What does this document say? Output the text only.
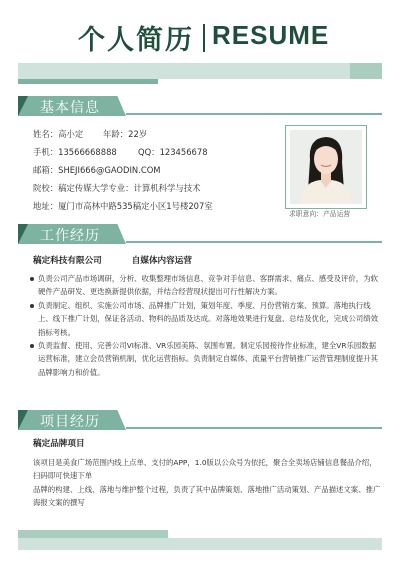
个人简历 RESUME
基本信息
姓名：高小定 年龄：22岁
手机：13566668888	QQ：123456678
邮箱：SHEJI666@GAODIN.COM
院校：稿定传媒大学专业：计算机科学与技术
地址：厦门市高林中路535稿定小区1号楼207室
求职意向：产品运营
工作经历
稿定科技有限公司	自媒体内容运营

负责公司产品市场调研，分析、收集整理市场信息、竞争对手信息、客群需求、痛点、感受及评价，为软硬件产品研发、更迭换新提供依据，并结合经营现状提出可行性解决方案。

负责制定、组织、实施公司市场、品牌推广计划，策划年度、季度、月份营销方案、预算。落地执行线上、线下推广计划，保证各活动、物料的品质及达成。对落地效果进行复盘、总结及优化，完成公司绩效指标考核。

负责监督、使用、完善公司VI标准、VR乐园美陈、氛围布置。制定乐园接待作业标准，建全VR乐园数据运营标准，建立会员营销机制，优化运营指标。负责制定自媒体、流量平台营销推广运营管理制度提升其品牌影响力和价值。

项目经历
稿定品牌项目

该项目是美食广场范围内线上点单、支付的APP，1.0版以公众号为依托，聚合全卖场店铺信息餐品介绍，扫码即可快速下单

品牌的构建、上线、落地与维护整个过程，负责了其中品牌策划、落地推广活动策划、产品描述文案、推广海报文案的撰写
